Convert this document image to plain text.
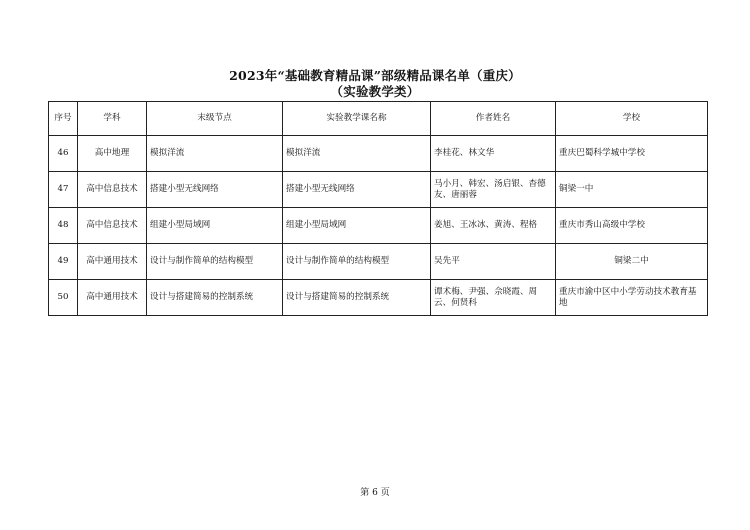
2023年“基础教育精品课”部级精品课名单（重庆）
（实验教学类）
序号	学科	末级节点	实验教学课名称	作者姓名	学校
46	高中地理	模拟洋流	模拟洋流	李桂花、林文华	重庆巴蜀科学城中学校
47	高中信息技术	搭建小型无线网络	搭建小型无线网络	马小月、韩宏、汤启银、杳德友、唐丽蓉	铜梁一中
48	高中信息技术	组建小型局域网	组建小型局域网	姜旭、王冰冰、黄涛、程格	重庆市秀山高级中学校
49	高中通用技术	设计与制作简单的结构模型	设计与制作简单的结构模型	吴先平	铜梁二中
50	高中通用技术	设计与搭建简易的控制系统	设计与搭建简易的控制系统	谭术梅、尹强、佘晓霞、周云、何贤科	重庆市渝中区中小学劳动技术教育基地
第 6 页
